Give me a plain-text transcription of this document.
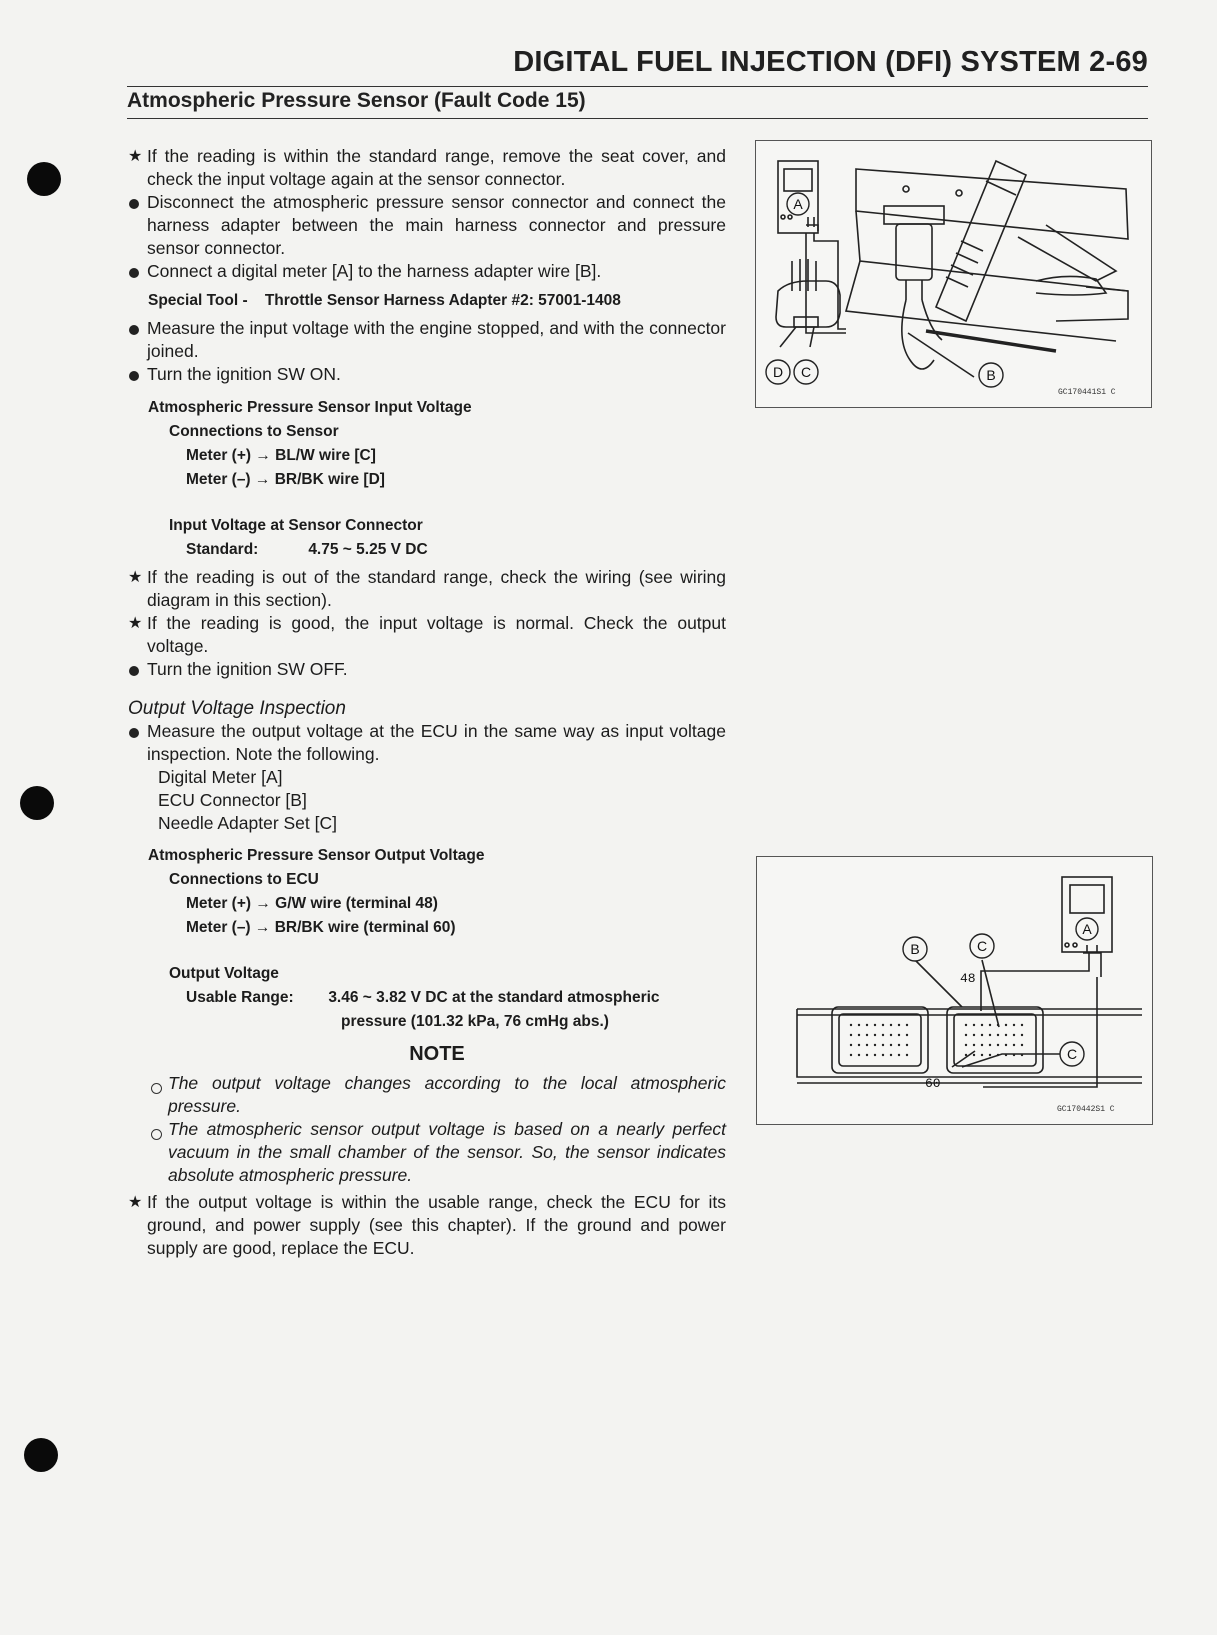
DIGITAL FUEL INJECTION (DFI) SYSTEM 2-69
Atmospheric Pressure Sensor (Fault Code 15)
★ If the reading is within the standard range, remove the seat cover, and check the input voltage again at the sensor connector.
Disconnect the atmospheric pressure sensor connector and connect the harness adapter between the main harness connector and pressure sensor connector.
Connect a digital meter [A] to the harness adapter wire [B].
Special Tool -    Throttle Sensor Harness Adapter #2: 57001-1408
Measure the input voltage with the engine stopped, and with the connector joined.
Turn the ignition SW ON.
Atmospheric Pressure Sensor Input Voltage
Connections to Sensor
Meter (+) → BL/W wire [C]
Meter (–) → BR/BK wire [D]
Input Voltage at Sensor Connector
Standard:	4.75 ~ 5.25 V DC
★ If the reading is out of the standard range, check the wiring (see wiring diagram in this section).
★ If the reading is good, the input voltage is normal. Check the output voltage.
Turn the ignition SW OFF.
Output Voltage Inspection
Measure the output voltage at the ECU in the same way as input voltage inspection. Note the following.
Digital Meter [A]
ECU Connector [B]
Needle Adapter Set [C]
Atmospheric Pressure Sensor Output Voltage
Connections to ECU
Meter (+) → G/W wire (terminal 48)
Meter (–) → BR/BK wire (terminal 60)
Output Voltage
Usable Range: 3.46 ~ 3.82 V DC at the standard atmospheric
pressure (101.32 kPa, 76 cmHg abs.)
NOTE
The output voltage changes according to the local atmospheric pressure.
The atmospheric sensor output voltage is based on a nearly perfect vacuum in the small chamber of the sensor. So, the sensor indicates absolute atmospheric pressure.
★ If the output voltage is within the usable range, check the ECU for its ground, and power supply (see this chapter). If the ground and power supply are good, replace the ECU.
A
D C	B
GC170441S1 C
A
B	C
C
48
60
GC170442S1 C
